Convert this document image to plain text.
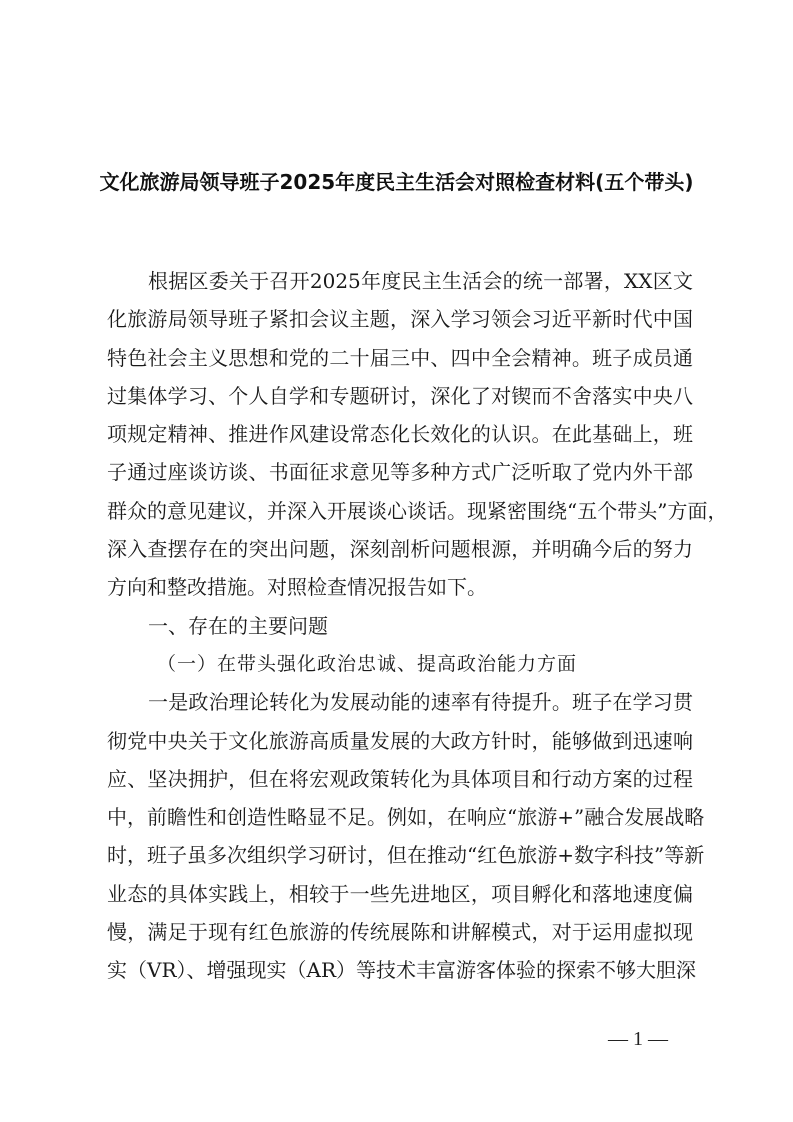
文化旅游局领导班子2025年度民主生活会对照检查材料(五个带头)
根据区委关于召开2025年度民主生活会的统一部署，XX区文
化旅游局领导班子紧扣会议主题，深入学习领会习近平新时代中国
特色社会主义思想和党的二十届三中、四中全会精神。班子成员通
过集体学习、个人自学和专题研讨，深化了对锲而不舍落实中央八
项规定精神、推进作风建设常态化长效化的认识。在此基础上，班
子通过座谈访谈、书面征求意见等多种方式广泛听取了党内外干部
群众的意见建议，并深入开展谈心谈话。现紧密围绕“五个带头”方面，
深入查摆存在的突出问题，深刻剖析问题根源，并明确今后的努力
方向和整改措施。对照检查情况报告如下。
一、存在的主要问题
（一）在带头强化政治忠诚、提高政治能力方面
一是政治理论转化为发展动能的速率有待提升。班子在学习贯
彻党中央关于文化旅游高质量发展的大政方针时，能够做到迅速响
应、坚决拥护，但在将宏观政策转化为具体项目和行动方案的过程
中，前瞻性和创造性略显不足。例如，在响应“旅游+”融合发展战略
时，班子虽多次组织学习研讨，但在推动“红色旅游+数字科技”等新
业态的具体实践上，相较于一些先进地区，项目孵化和落地速度偏
慢，满足于现有红色旅游的传统展陈和讲解模式，对于运用虚拟现
实（VR）、增强现实（AR）等技术丰富游客体验的探索不够大胆深
— 1 —
